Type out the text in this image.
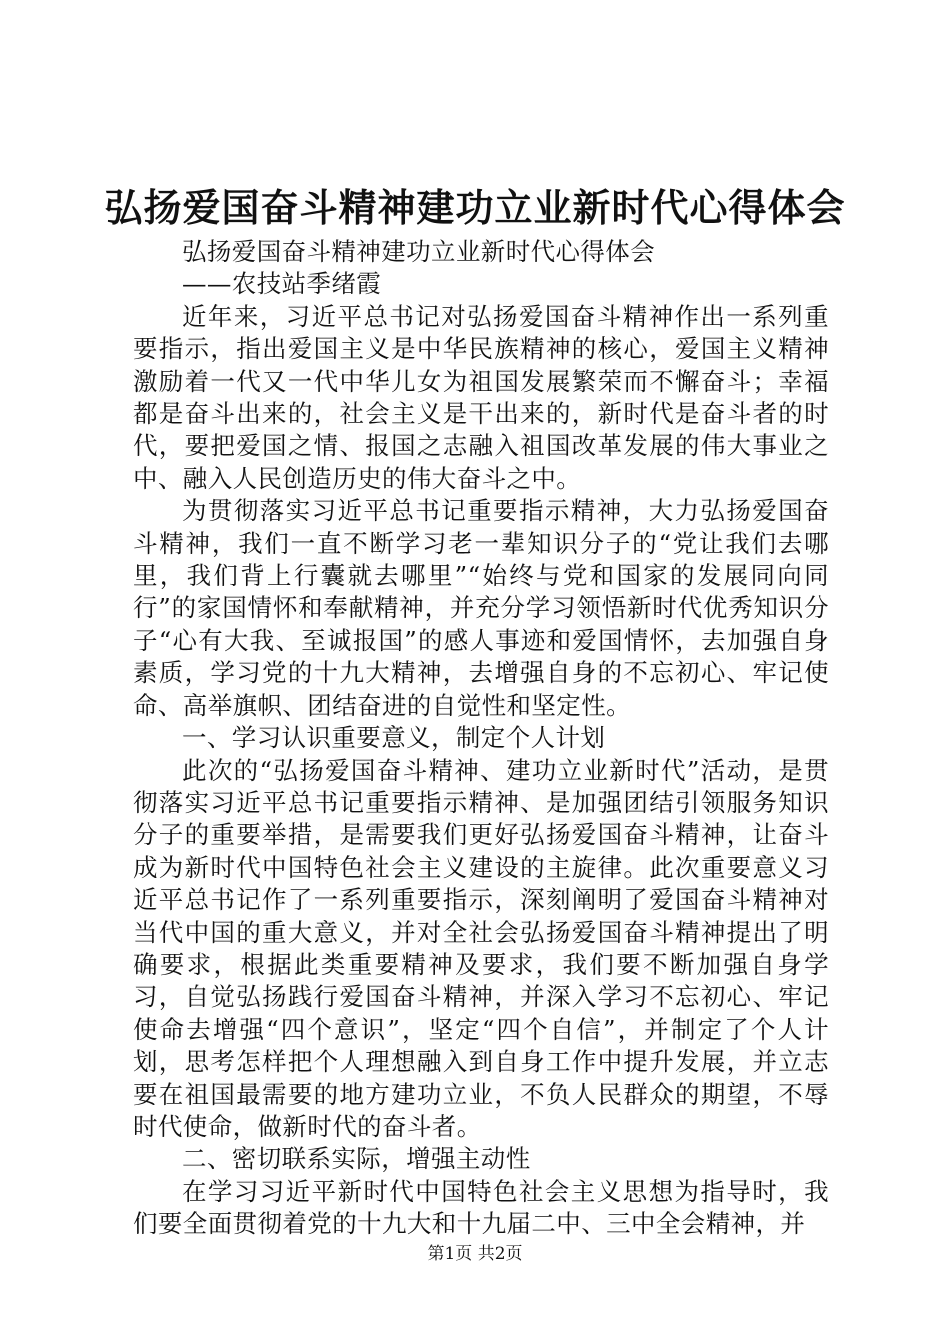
弘扬爱国奋斗精神建功立业新时代心得体会

弘扬爱国奋斗精神建功立业新时代心得体会

——农技站季绪霞

近年来，习近平总书记对弘扬爱国奋斗精神作出一系列重要指示，指出爱国主义是中华民族精神的核心，爱国主义精神激励着一代又一代中华儿女为祖国发展繁荣而不懈奋斗；幸福都是奋斗出来的，社会主义是干出来的，新时代是奋斗者的时代，要把爱国之情、报国之志融入祖国改革发展的伟大事业之中、融入人民创造历史的伟大奋斗之中。

为贯彻落实习近平总书记重要指示精神，大力弘扬爱国奋斗精神，我们一直不断学习老一辈知识分子的“党让我们去哪里，我们背上行囊就去哪里”“始终与党和国家的发展同向同行”的家国情怀和奉献精神，并充分学习领悟新时代优秀知识分子“心有大我、至诚报国”的感人事迹和爱国情怀，去加强自身素质，学习党的十九大精神，去增强自身的不忘初心、牢记使命、高举旗帜、团结奋进的自觉性和坚定性。

一、学习认识重要意义，制定个人计划

此次的“弘扬爱国奋斗精神、建功立业新时代”活动，是贯彻落实习近平总书记重要指示精神、是加强团结引领服务知识分子的重要举措，是需要我们更好弘扬爱国奋斗精神，让奋斗成为新时代中国特色社会主义建设的主旋律。此次重要意义习近平总书记作了一系列重要指示，深刻阐明了爱国奋斗精神对当代中国的重大意义，并对全社会弘扬爱国奋斗精神提出了明确要求，根据此类重要精神及要求，我们要不断加强自身学习，自觉弘扬践行爱国奋斗精神，并深入学习不忘初心、牢记使命去增强“四个意识”，坚定“四个自信”，并制定了个人计划，思考怎样把个人理想融入到自身工作中提升发展，并立志要在祖国最需要的地方建功立业，不负人民群众的期望，不辱时代使命，做新时代的奋斗者。

二、密切联系实际，增强主动性

在学习习近平新时代中国特色社会主义思想为指导时，我们要全面贯彻着党的十九大和十九届二中、三中全会精神，并

第1页 共2页
